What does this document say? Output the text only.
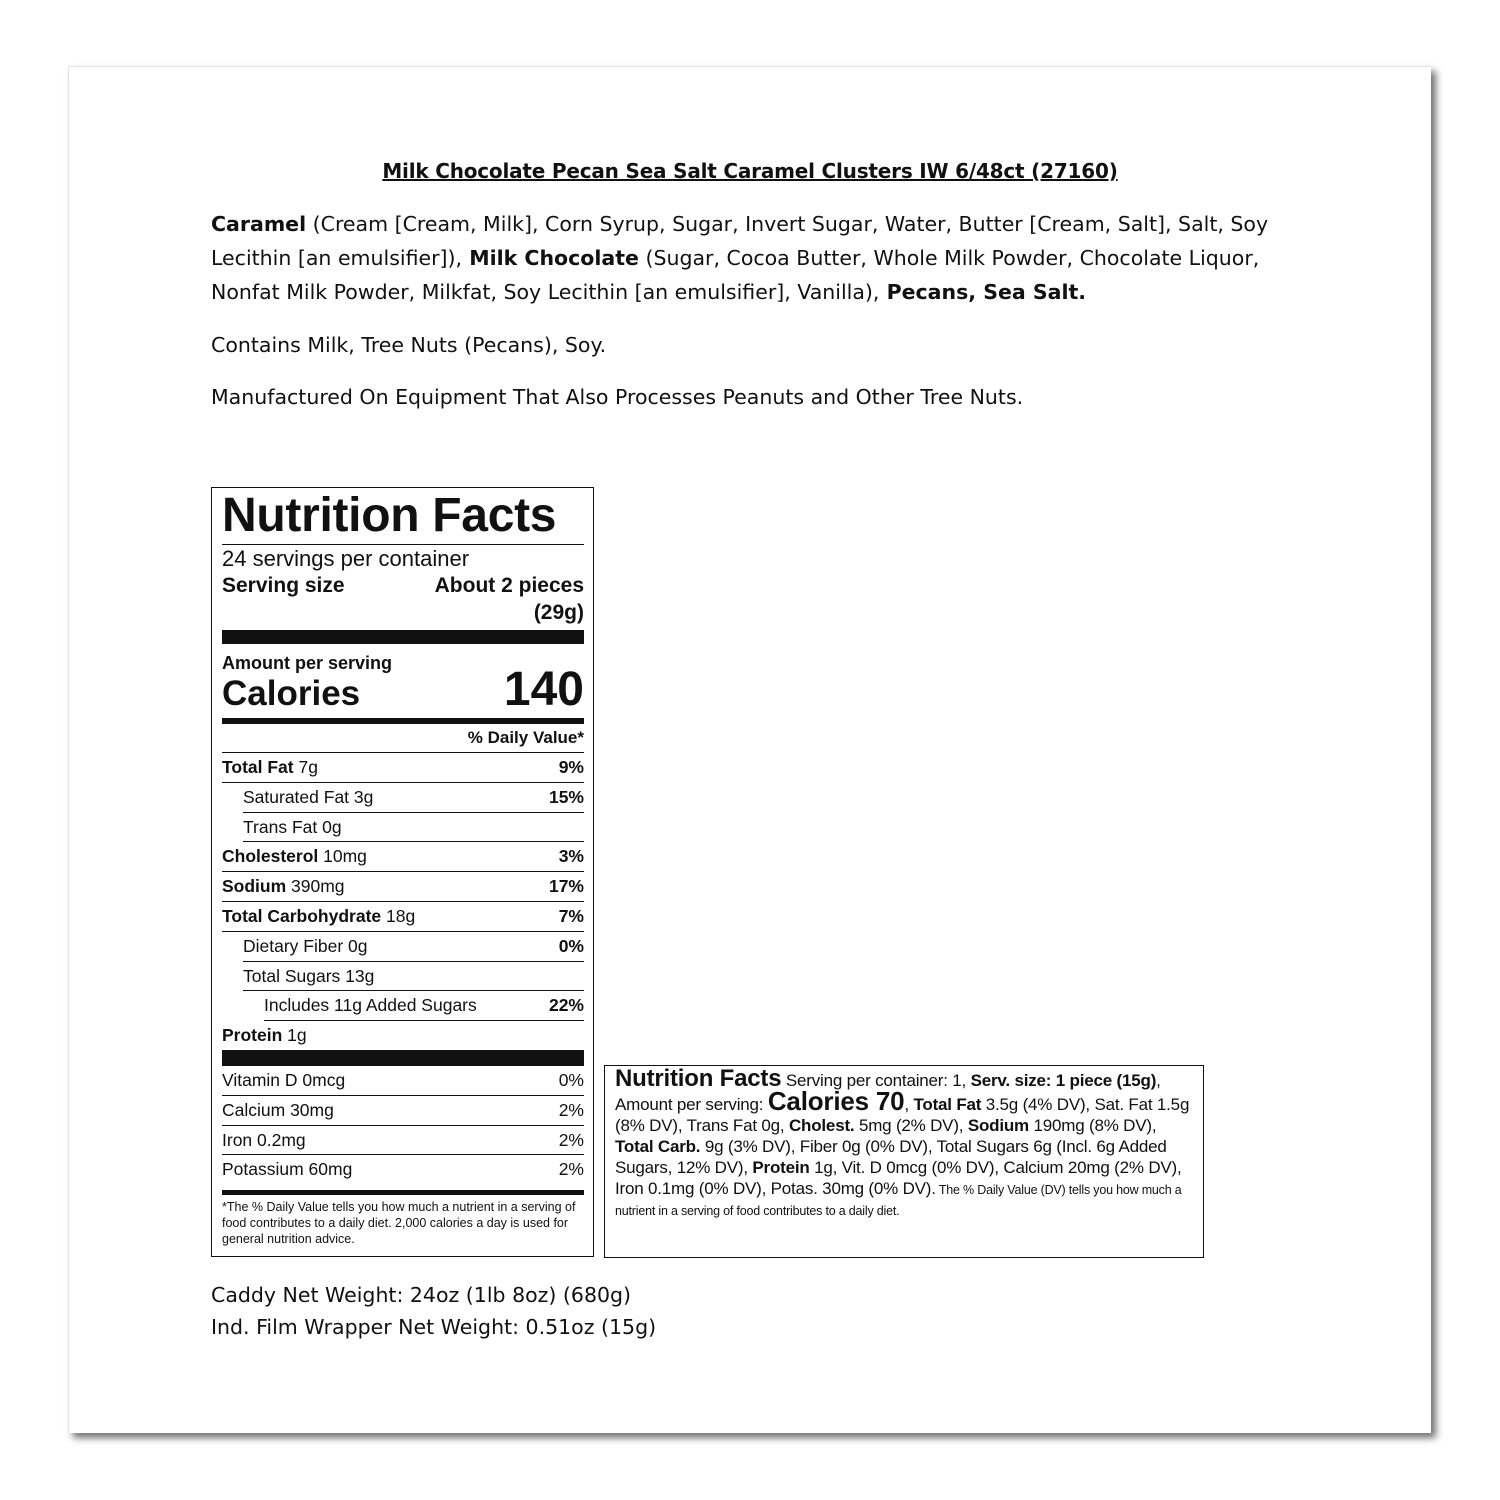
Milk Chocolate Pecan Sea Salt Caramel Clusters IW 6/48ct (27160)
Caramel (Cream [Cream, Milk], Corn Syrup, Sugar, Invert Sugar, Water, Butter [Cream, Salt], Salt, Soy Lecithin [an emulsifier]), Milk Chocolate (Sugar, Cocoa Butter, Whole Milk Powder, Chocolate Liquor, Nonfat Milk Powder, Milkfat, Soy Lecithin [an emulsifier], Vanilla), Pecans, Sea Salt.
Contains Milk, Tree Nuts (Pecans), Soy.
Manufactured On Equipment That Also Processes Peanuts and Other Tree Nuts.
Nutrition Facts
24 servings per container
Serving size	About 2 pieces
(29g)
Amount per serving
Calories	140
% Daily Value*
Total Fat 7g	9%
Saturated Fat 3g	15%
Trans Fat 0g
Cholesterol 10mg	3%
Sodium 390mg	17%
Total Carbohydrate 18g	7%
Dietary Fiber 0g	0%
Total Sugars 13g
Includes 11g Added Sugars	22%
Protein 1g
Vitamin D 0mcg	0%
Calcium 30mg	2%
Iron 0.2mg	2%
Potassium 60mg	2%
*The % Daily Value tells you how much a nutrient in a serving of food contributes to a daily diet. 2,000 calories a day is used for general nutrition advice.
Nutrition Facts Serving per container: 1, Serv. size: 1 piece (15g), Amount per serving: Calories 70, Total Fat 3.5g (4% DV), Sat. Fat 1.5g (8% DV), Trans Fat 0g, Cholest. 5mg (2% DV), Sodium 190mg (8% DV), Total Carb. 9g (3% DV), Fiber 0g (0% DV), Total Sugars 6g (Incl. 6g Added Sugars, 12% DV), Protein 1g, Vit. D 0mcg (0% DV), Calcium 20mg (2% DV), Iron 0.1mg (0% DV), Potas. 30mg (0% DV). The % Daily Value (DV) tells you how much a nutrient in a serving of food contributes to a daily diet.
Caddy Net Weight: 24oz (1lb 8oz) (680g)
Ind. Film Wrapper Net Weight: 0.51oz (15g)
